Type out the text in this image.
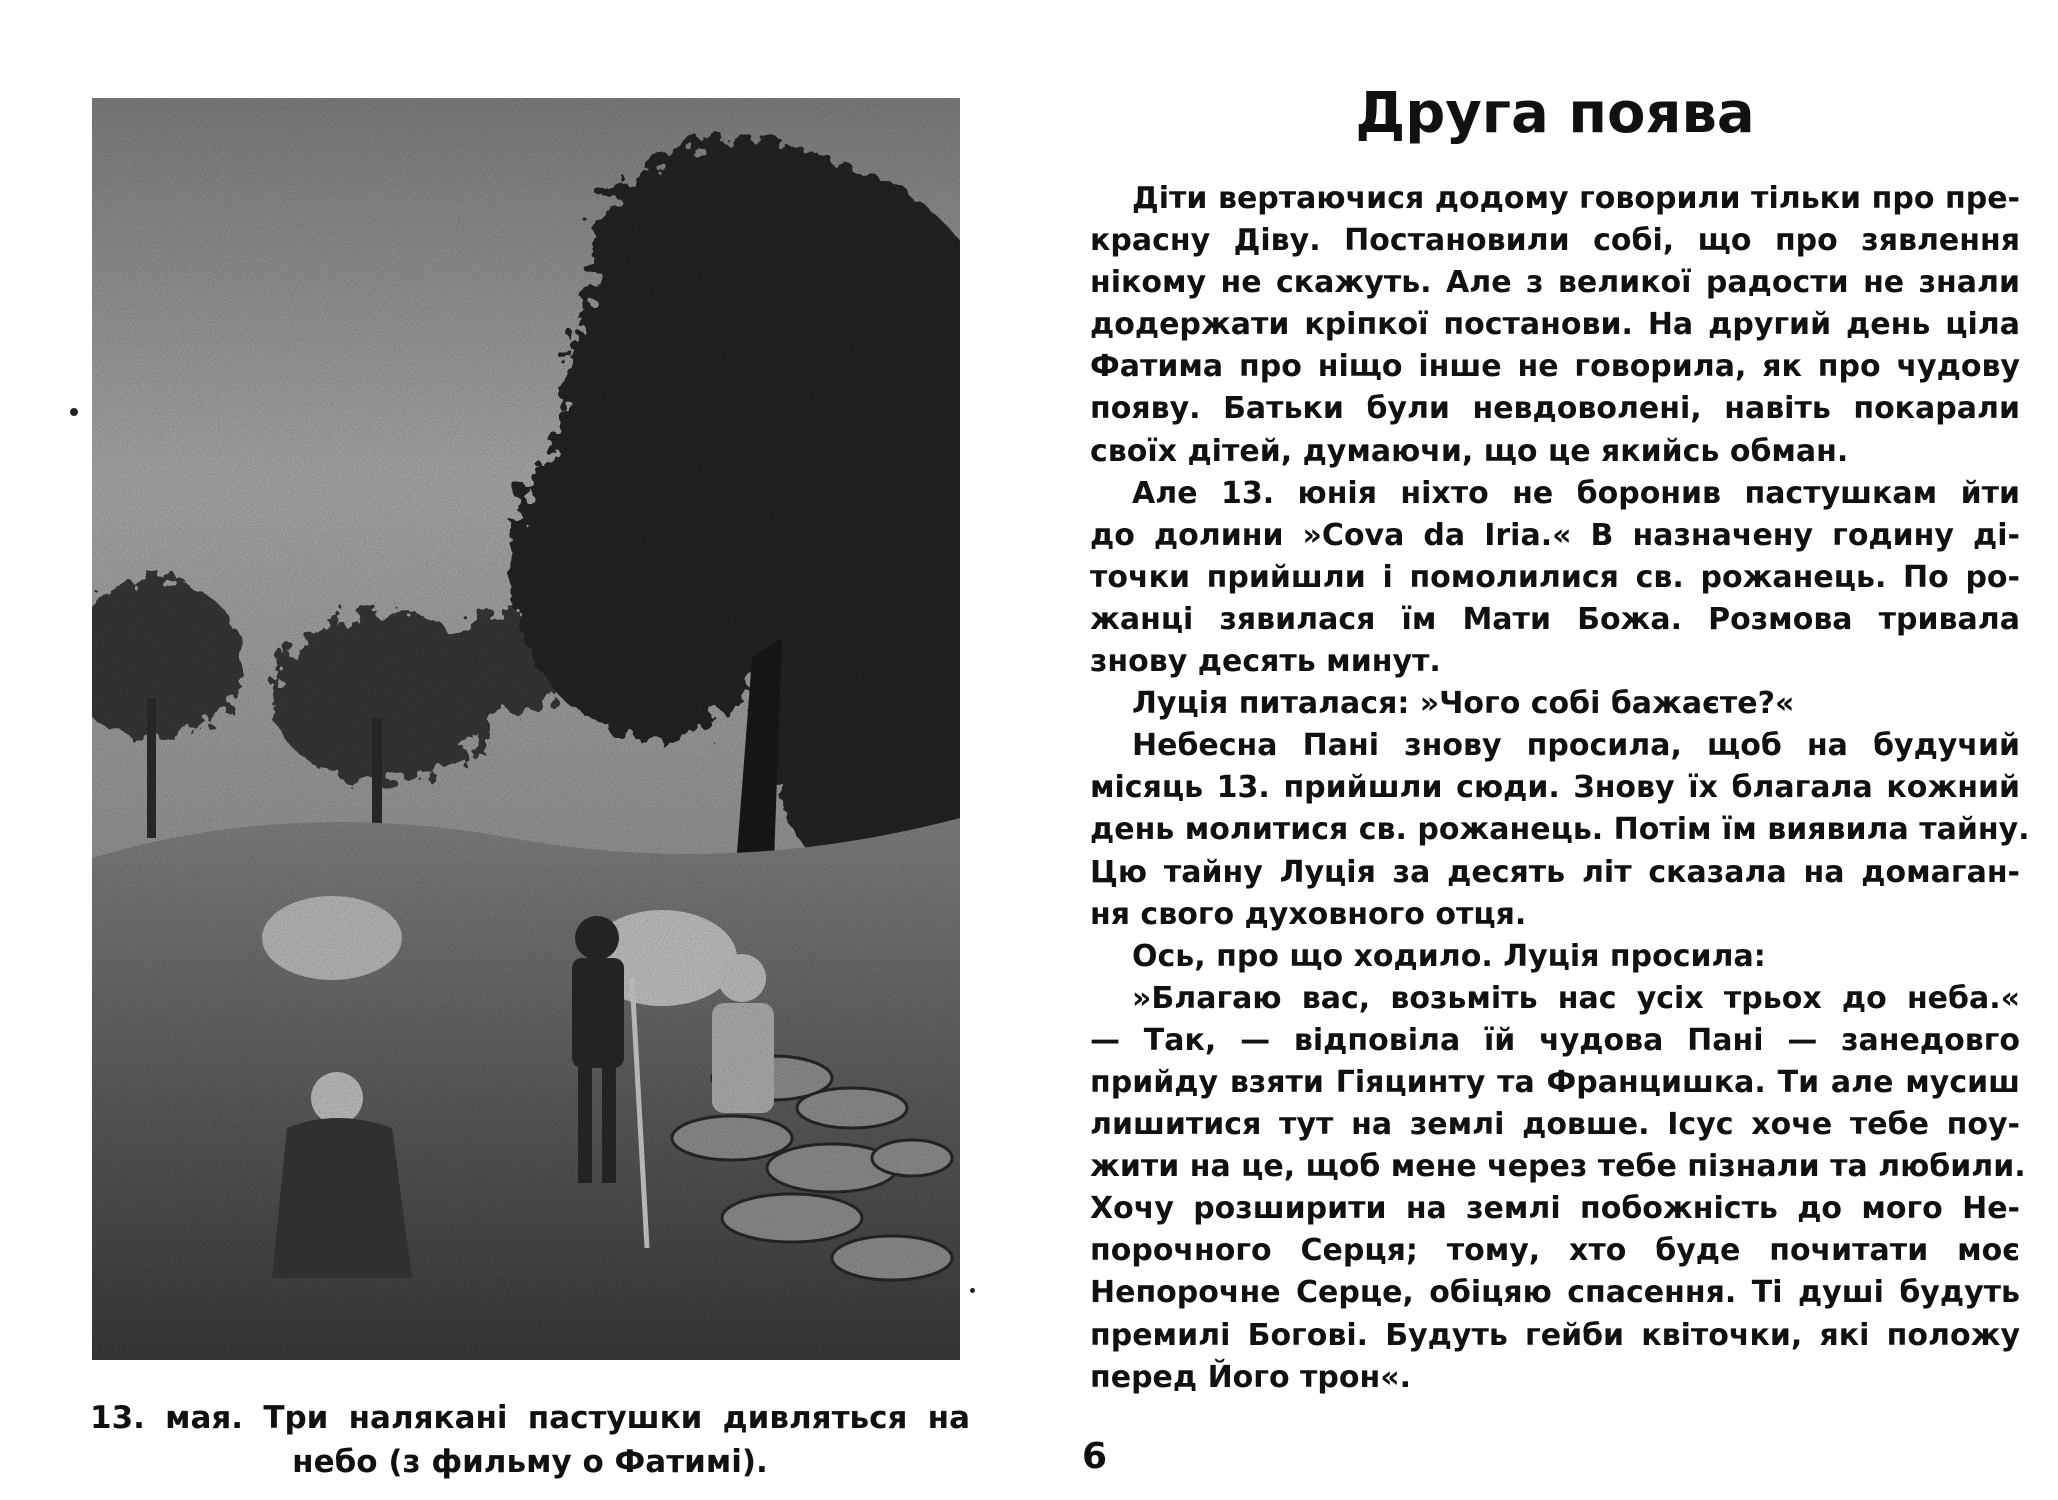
13. мая. Три налякані пастушки дивляться на
небо (з фильму о Фатимі).	6
Друга поява
Діти вертаючися додому говорили тільки про пре-
красну Діву. Постановили собі, що про зявлення
нікому не скажуть. Але з великої радости не знали
додержати кріпкої постанови. На другий день ціла
Фатима про ніщо інше не говорила, як про чудову
появу. Батьки були невдоволені, навіть покарали
своїх дітей, думаючи, що це якийсь обман.
Але 13. юнія ніхто не боронив пастушкам йти
до долини »Cova da Iria.« В назначену годину ді-
точки прийшли і помолилися св. рожанець. По ро-
жанці зявилася їм Мати Божа. Розмова тривала
знову десять минут.
Луція питалася: »Чого собі бажаєте?«
Небесна Пані знову просила, щоб на будучий
місяць 13. прийшли сюди. Знову їх благала кожний
день молитися св. рожанець. Потім їм виявила тайну.
Цю тайну Луція за десять літ сказала на домаган-
ня свого духовного отця.
Ось, про що ходило. Луція просила:
»Благаю вас, возьміть нас усіх трьох до неба.«
— Так, — відповіла їй чудова Пані — занедовго
прийду взяти Гіяцинту та Францишка. Ти але мусиш
лишитися тут на землі довше. Ісус хоче тебе поу-
жити на це, щоб мене через тебе пізнали та любили.
Хочу розширити на землі побожність до мого Не-
порочного Серця; тому, хто буде почитати моє
Непорочне Серце, обіцяю спасення. Ті душі будуть
премилі Богові. Будуть гейби квіточки, які положу
перед Його трон«.
